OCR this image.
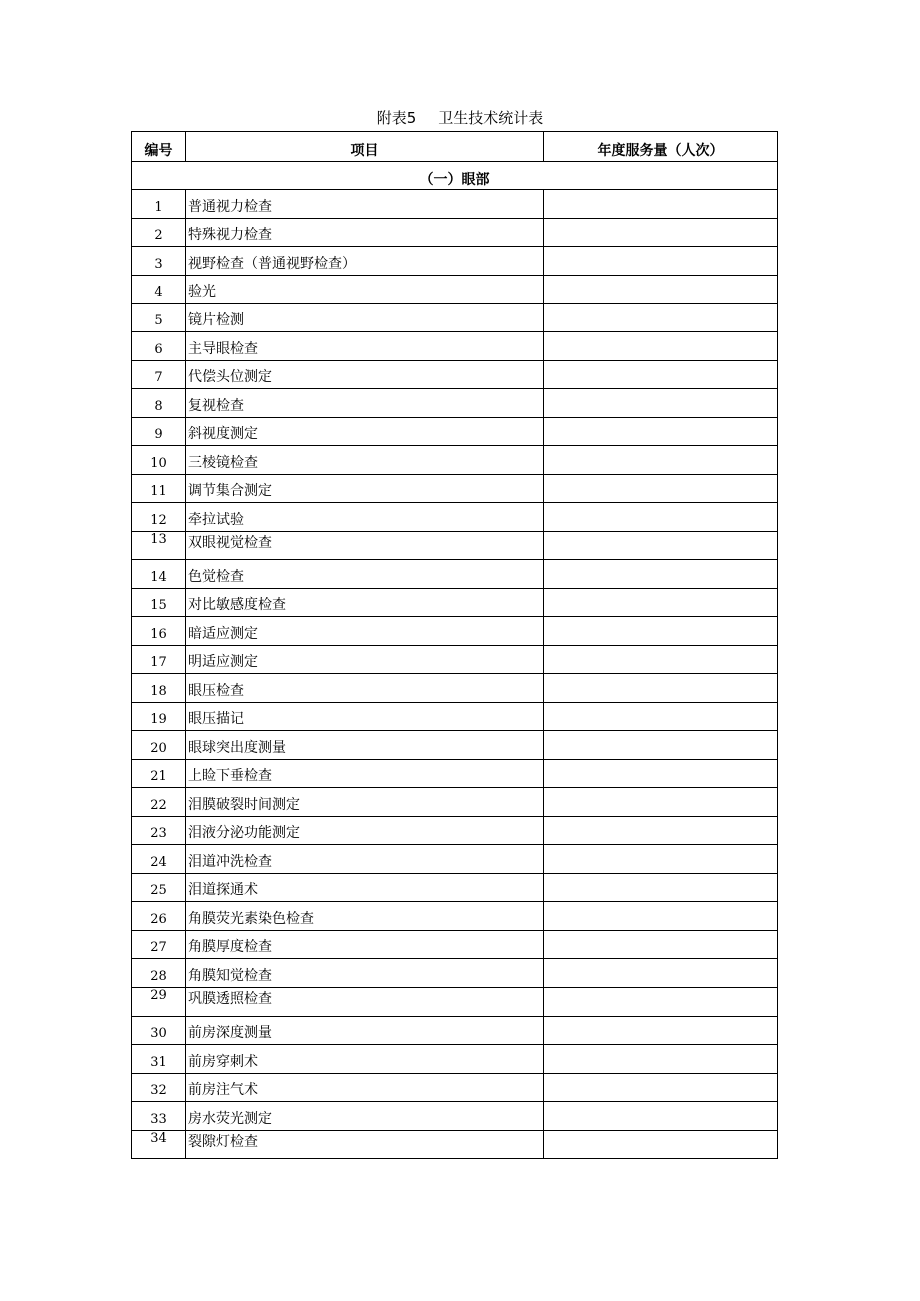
附表5 卫生技术统计表
编号	项目	年度服务量（人次）
（一）眼部		
1	普通视力检查	
2	特殊视力检查	
3	视野检查（普通视野检查）	
4	验光	
5	镜片检测	
6	主导眼检查	
7	代偿头位测定	
8	复视检查	
9	斜视度测定	
10	三棱镜检查	
11	调节集合测定	
12	牵拉试验	
13	双眼视觉检查	
14	色觉检查	
15	对比敏感度检查	
16	暗适应测定	
17	明适应测定	
18	眼压检查	
19	眼压描记	
20	眼球突出度测量	
21	上睑下垂检查	
22	泪膜破裂时间测定	
23	泪液分泌功能测定	
24	泪道冲洗检查	
25	泪道探通术	
26	角膜荧光素染色检查	
27	角膜厚度检查	
28	角膜知觉检查	
29	巩膜透照检查	
30	前房深度测量	
31	前房穿刺术	
32	前房注气术	
33	房水荧光测定	
34	裂隙灯检查	
